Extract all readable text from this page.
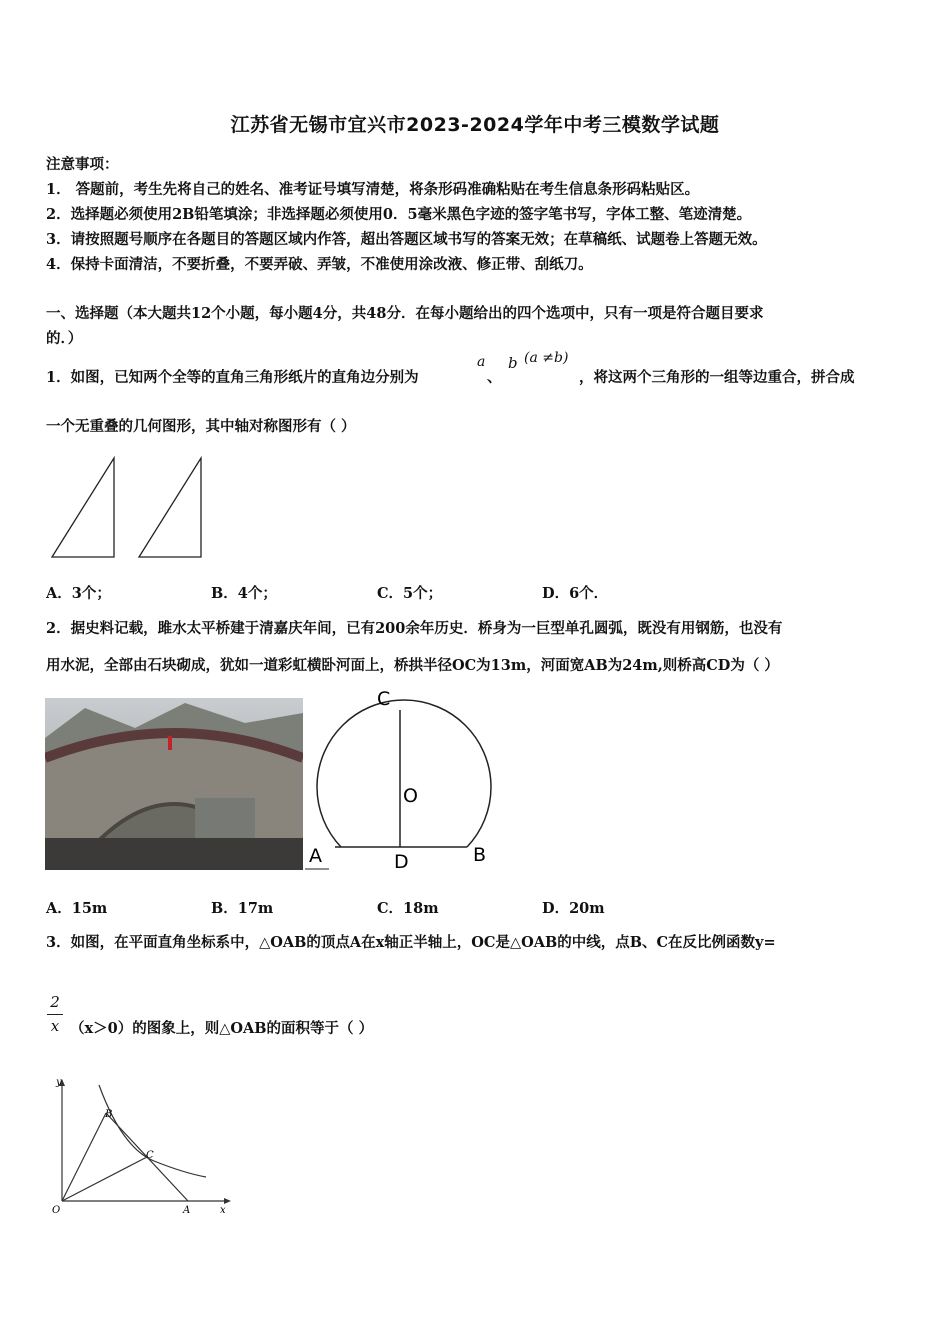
江苏省无锡市宜兴市2023-2024学年中考三模数学试题
注意事项：
1． 答题前，考生先将自己的姓名、准考证号填写清楚，将条形码准确粘贴在考生信息条形码粘贴区。
2．选择题必须使用2B铅笔填涂；非选择题必须使用0．5毫米黑色字迹的签字笔书写，字体工整、笔迹清楚。
3．请按照题号顺序在各题目的答题区域内作答，超出答题区域书写的答案无效；在草稿纸、试题卷上答题无效。
4．保持卡面清洁，不要折叠，不要弄破、弄皱，不准使用涂改液、修正带、刮纸刀。
一、选择题（本大题共12个小题，每小题4分，共48分．在每小题给出的四个选项中，只有一项是符合题目要求
的．）
1．如图，已知两个全等的直角三角形纸片的直角边分别为
a
、
b (a ≠b)
，将这两个三角形的一组等边重合，拼合成
一个无重叠的几何图形，其中轴对称图形有（ ）
A．3个；	B．4个；	C．5个；	D．6个．
2．据史料记载，雎水太平桥建于清嘉庆年间，已有200余年历史．桥身为一巨型单孔圆弧，既没有用钢筋，也没有
用水泥，全部由石块砌成，犹如一道彩虹横卧河面上，桥拱半径OC为13m，河面宽AB为24m,则桥高CD为（ ）
C
O
A	D	B
A．15m	B．17m	C．18m	D．20m
3．如图，在平面直角坐标系中，△OAB的顶点A在x轴正半轴上，OC是△OAB的中线，点B、C在反比例函数y=
2
x （x＞0）的图象上，则△OAB的面积等于（ ）
y
x
O	A
B
C
